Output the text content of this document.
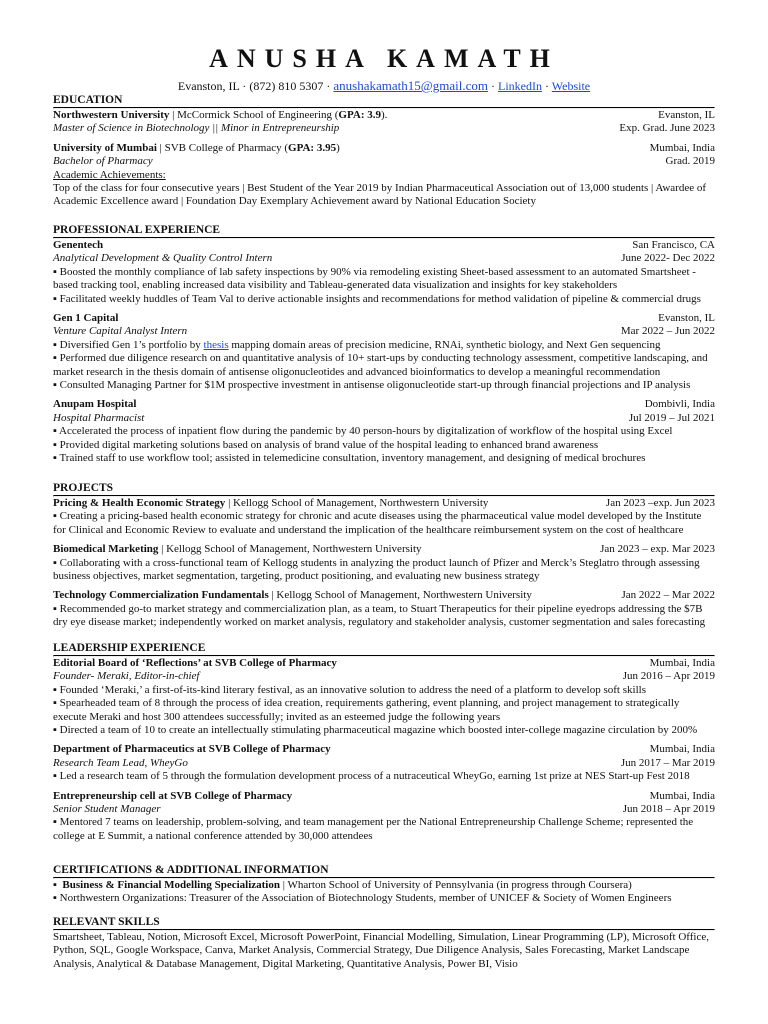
ANUSHA KAMATH
Evanston, IL · (872) 810 5307 · anushakamath15@gmail.com · LinkedIn · Website
EDUCATION
Northwestern University | McCormick School of Engineering (GPA: 3.9).	Evanston, IL
Master of Science in Biotechnology || Minor in Entrepreneurship	Exp. Grad. June 2023
University of Mumbai | SVB College of Pharmacy (GPA: 3.95)	Mumbai, India
Bachelor of Pharmacy	Grad. 2019
Academic Achievements:
Top of the class for four consecutive years | Best Student of the Year 2019 by Indian Pharmaceutical Association out of 13,000 students | Awardee of Academic Excellence award | Foundation Day Exemplary Achievement award by National Education Society
PROFESSIONAL EXPERIENCE
Genentech	San Francisco, CA
Analytical Development & Quality Control Intern	June 2022- Dec 2022
▪ Boosted the monthly compliance of lab safety inspections by 90% via remodeling existing Sheet-based assessment to an automated Smartsheet - based tracking tool, enabling increased data visibility and Tableau-generated data visualization and insights for key stakeholders
▪ Facilitated weekly huddles of Team Val to derive actionable insights and recommendations for method validation of pipeline & commercial drugs
Gen 1 Capital	Evanston, IL
Venture Capital Analyst Intern	Mar 2022 – Jun 2022
▪ Diversified Gen 1’s portfolio by thesis mapping domain areas of precision medicine, RNAi, synthetic biology, and Next Gen sequencing
▪ Performed due diligence research on and quantitative analysis of 10+ start-ups by conducting technology assessment, competitive landscaping, and market research in the thesis domain of antisense oligonucleotides and advanced bioinformatics to develop a meaningful recommendation
▪ Consulted Managing Partner for $1M prospective investment in antisense oligonucleotide start-up through financial projections and IP analysis
Anupam Hospital	Dombivli, India
Hospital Pharmacist	Jul 2019 – Jul 2021
▪ Accelerated the process of inpatient flow during the pandemic by 40 person-hours by digitalization of workflow of the hospital using Excel
▪ Provided digital marketing solutions based on analysis of brand value of the hospital leading to enhanced brand awareness
▪ Trained staff to use workflow tool; assisted in telemedicine consultation, inventory management, and designing of medical brochures
PROJECTS
Pricing & Health Economic Strategy | Kellogg School of Management, Northwestern University	Jan 2023 –exp. Jun 2023
▪ Creating a pricing-based health economic strategy for chronic and acute diseases using the pharmaceutical value model developed by the Institute for Clinical and Economic Review to evaluate and understand the implication of the healthcare reimbursement system on the cost of healthcare
Biomedical Marketing | Kellogg School of Management, Northwestern University	Jan 2023 – exp. Mar 2023
▪ Collaborating with a cross-functional team of Kellogg students in analyzing the product launch of Pfizer and Merck’s Steglatro through assessing business objectives, market segmentation, targeting, product positioning, and evaluating new business strategy
Technology Commercialization Fundamentals | Kellogg School of Management, Northwestern University	Jan 2022 – Mar 2022
▪ Recommended go-to market strategy and commercialization plan, as a team, to Stuart Therapeutics for their pipeline eyedrops addressing the $7B dry eye disease market; independently worked on market analysis, regulatory and stakeholder analysis, customer segmentation and sales forecasting
LEADERSHIP EXPERIENCE
Editorial Board of ‘Reflections’ at SVB College of Pharmacy	Mumbai, India
Founder- Meraki, Editor-in-chief	Jun 2016 – Apr 2019
▪ Founded ‘Meraki,’ a first-of-its-kind literary festival, as an innovative solution to address the need of a platform to develop soft skills
▪ Spearheaded team of 8 through the process of idea creation, requirements gathering, event planning, and project management to strategically execute Meraki and host 300 attendees successfully; invited as an esteemed judge the following years
▪ Directed a team of 10 to create an intellectually stimulating pharmaceutical magazine which boosted inter-college magazine circulation by 200%
Department of Pharmaceutics at SVB College of Pharmacy	Mumbai, India
Research Team Lead, WheyGo	Jun 2017 – Mar 2019
▪ Led a research team of 5 through the formulation development process of a nutraceutical WheyGo, earning 1st prize at NES Start-up Fest 2018
Entrepreneurship cell at SVB College of Pharmacy	Mumbai, India
Senior Student Manager	Jun 2018 – Apr 2019
▪ Mentored 7 teams on leadership, problem-solving, and team management per the National Entrepreneurship Challenge Scheme; represented the college at E Summit, a national conference attended by 30,000 attendees
CERTIFICATIONS & ADDITIONAL INFORMATION
▪ Business & Financial Modelling Specialization | Wharton School of University of Pennsylvania (in progress through Coursera)
▪ Northwestern Organizations: Treasurer of the Association of Biotechnology Students, member of UNICEF & Society of Women Engineers
RELEVANT SKILLS
Smartsheet, Tableau, Notion, Microsoft Excel, Microsoft PowerPoint, Financial Modelling, Simulation, Linear Programming (LP), Microsoft Office, Python, SQL, Google Workspace, Canva, Market Analysis, Commercial Strategy, Due Diligence Analysis, Sales Forecasting, Market Landscape Analysis, Analytical & Database Management, Digital Marketing, Quantitative Analysis, Power BI, Visio
